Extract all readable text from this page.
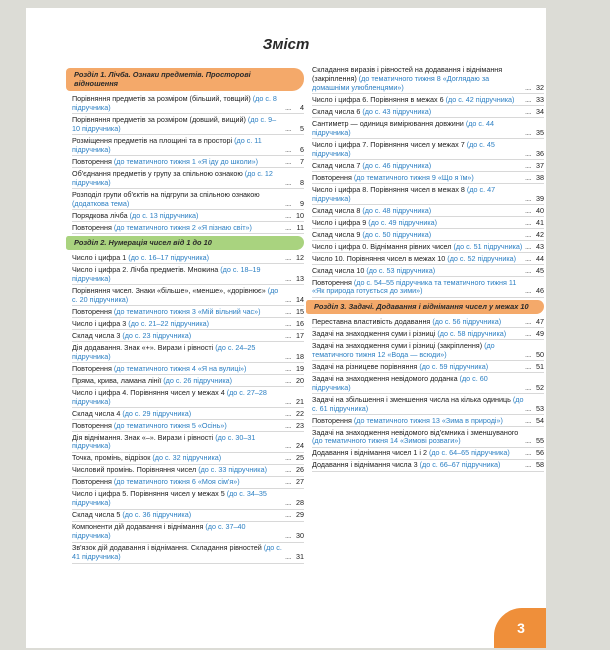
Зміст
Розділ 1. Лічба. Ознаки предметів. Просторові відношення
Порівняння предметів за розміром (більший, товщий) (до с. 8 підручника)	....	4
Порівняння предметів за розміром (довший, вищий) (до с. 9–10 підручника)	....	5
Розміщення предметів на площині та в просторі (до с. 11 підручника)	....	6
Повторення (до тематичного тижня 1 «Я іду до школи»)	....	7
Об'єднання предметів у групу за спільною ознакою (до с. 12 підручника)	....	8
Розподіл групи об'єктів на підгрупи за спільною ознакою (додаткова тема)	....	9
Порядкова лічба (до с. 13 підручника)	.... 10
Повторення (до тематичного тижня 2 «Я пізнаю світ»)	.... 11
Розділ 2. Нумерація чисел від 1 до 10
Число і цифра 1 (до с. 16–17 підручника)	.... 12
Число і цифра 2. Лічба предметів. Множина (до с. 18–19 підручника)	.... 13
Порівняння чисел. Знаки «більше», «менше», «дорівнює» (до с. 20 підручника)	.... 14
Повторення (до тематичного тижня 3 «Мій вільний час»)	.... 15
Число і цифра 3 (до с. 21–22 підручника)	.... 16
Склад числа 3 (до с. 23 підручника)	.... 17
Дія додавання. Знак «+». Вирази і рівності (до с. 24–25 підручника)	.... 18
Повторення (до тематичного тижня 4 «Я на вулиці»)	.... 19
Пряма, крива, ламана лінії (до с. 26 підручника)	.... 20
Число і цифра 4. Порівняння чисел у межах 4 (до с. 27–28 підручника)	.... 21
Склад числа 4 (до с. 29 підручника)	.... 22
Повторення (до тематичного тижня 5 «Осінь»)	.... 23
Дія віднімання. Знак «–». Вирази і рівності (до с. 30–31 підручника)	.... 24
Точка, промінь, відрізок (до с. 32 підручника)	.... 25
Числовий промінь. Порівняння чисел (до с. 33 підручника)	.... 26
Повторення (до тематичного тижня 6 «Моя сім'я»)	.... 27
Число і цифра 5. Порівняння чисел у межах 5 (до с. 34–35 підручника)	.... 28
Склад числа 5 (до с. 36 підручника)	.... 29
Компоненти дій додавання і віднімання (до с. 37–40 підручника)	.... 30
Зв'язок дій додавання і віднімання. Складання рівностей (до с. 41 підручника)	.... 31
Складання виразів і рівностей на додавання і віднімання (закріплення) (до тематичного тижня 8 «Доглядаю за домашніми улюбленцями»)	.... 32
Число і цифра 6. Порівняння в межах 6 (до с. 42 підручника)	.... 33
Склад числа 6 (до с. 43 підручника)	.... 34
Сантиметр — одиниця вимірювання довжини (до с. 44 підручника)	.... 35
Число і цифра 7. Порівняння чисел у межах 7 (до с. 45 підручника)	.... 36
Склад числа 7 (до с. 46 підручника)	.... 37
Повторення (до тематичного тижня 9 «Що я їм»)	.... 38
Число і цифра 8. Порівняння чисел в межах 8 (до с. 47 підручника)	.... 39
Склад числа 8 (до с. 48 підручника)	.... 40
Число і цифра 9 (до с. 49 підручника)	.... 41
Склад числа 9 (до с. 50 підручника)	.... 42
Число і цифра 0. Віднімання рівних чисел (до с. 51 підручника) .... 43
Число 10. Порівняння чисел в межах 10 (до с. 52 підручника)	.... 44
Склад числа 10 (до с. 53 підручника)	.... 45
Повторення (до с. 54–55 підручника та тематичного тижня 11 «Як природа готується до зими»)	.... 46
Розділ 3. Задачі. Додавання і віднімання чисел у межах 10
Переставна властивість додавання (до с. 56 підручника)	.... 47
Задачі на знаходження суми і різниці (до с. 58 підручника)	.... 49
Задачі на знаходження суми і різниці (закріплення) (до тематичного тижня 12 «Вода — всюди»)	.... 50
Задачі на різницеве порівняння (до с. 59 підручника)	.... 51
Задачі на знаходження невідомого доданка (до с. 60 підручника)	.... 52
Задачі на збільшення і зменшення числа на кілька одиниць (до с. 61 підручника)	.... 53
Повторення (до тематичного тижня 13 «Зима в природі»)	.... 54
Задачі на знаходження невідомого від'ємника і зменшуваного (до тематичного тижня 14 «Зимові розваги»)	.... 55
Додавання і віднімання чисел 1 і 2 (до с. 64–65 підручника)	.... 56
Додавання і віднімання числа 3 (до с. 66–67 підручника)	.... 58
3
